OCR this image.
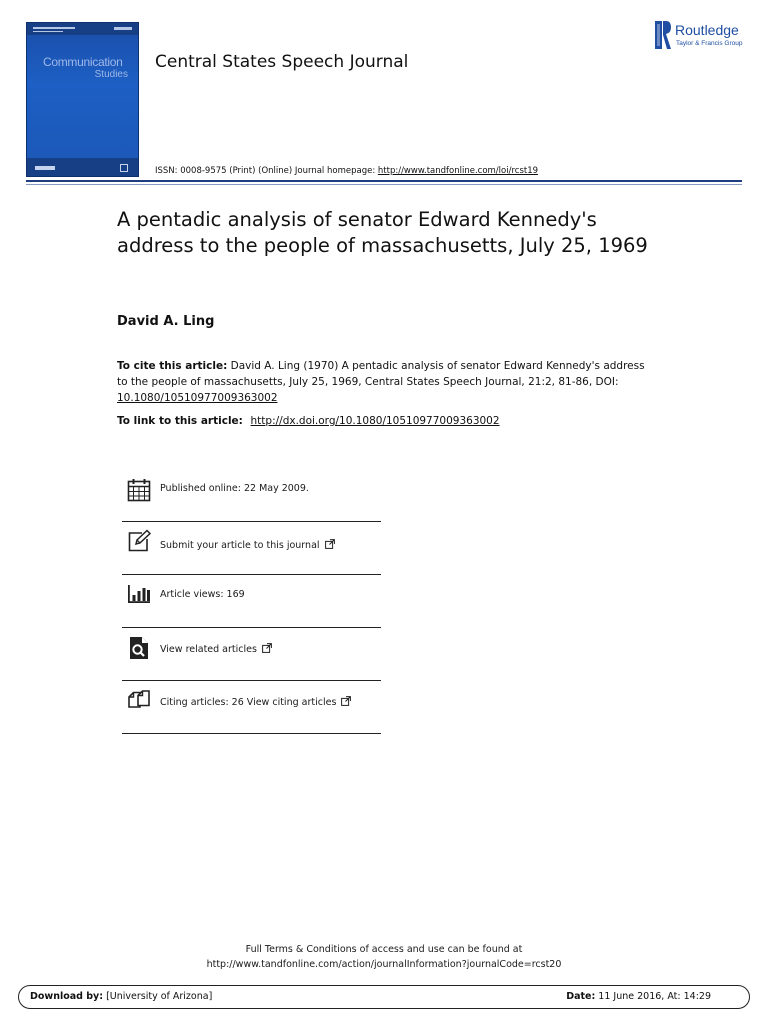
Communication
Studies
Central States Speech Journal
ISSN: 0008-9575 (Print) (Online) Journal homepage: http://www.tandfonline.com/loi/rcst19
Routledge
Taylor & Francis Group
A pentadic analysis of senator Edward Kennedy's address to the people of massachusetts, July 25, 1969
David A. Ling
To cite this article: David A. Ling (1970) A pentadic analysis of senator Edward Kennedy's address to the people of massachusetts, July 25, 1969, Central States Speech Journal, 21:2, 81-86, DOI: 10.1080/10510977009363002
To link to this article: http://dx.doi.org/10.1080/10510977009363002
Published online: 22 May 2009.
Submit your article to this journal
Article views: 169
View related articles
Citing articles: 26 View citing articles
Full Terms & Conditions of access and use can be found at
http://www.tandfonline.com/action/journalInformation?journalCode=rcst20
Download by: [University of Arizona]	Date: 11 June 2016, At: 14:29
